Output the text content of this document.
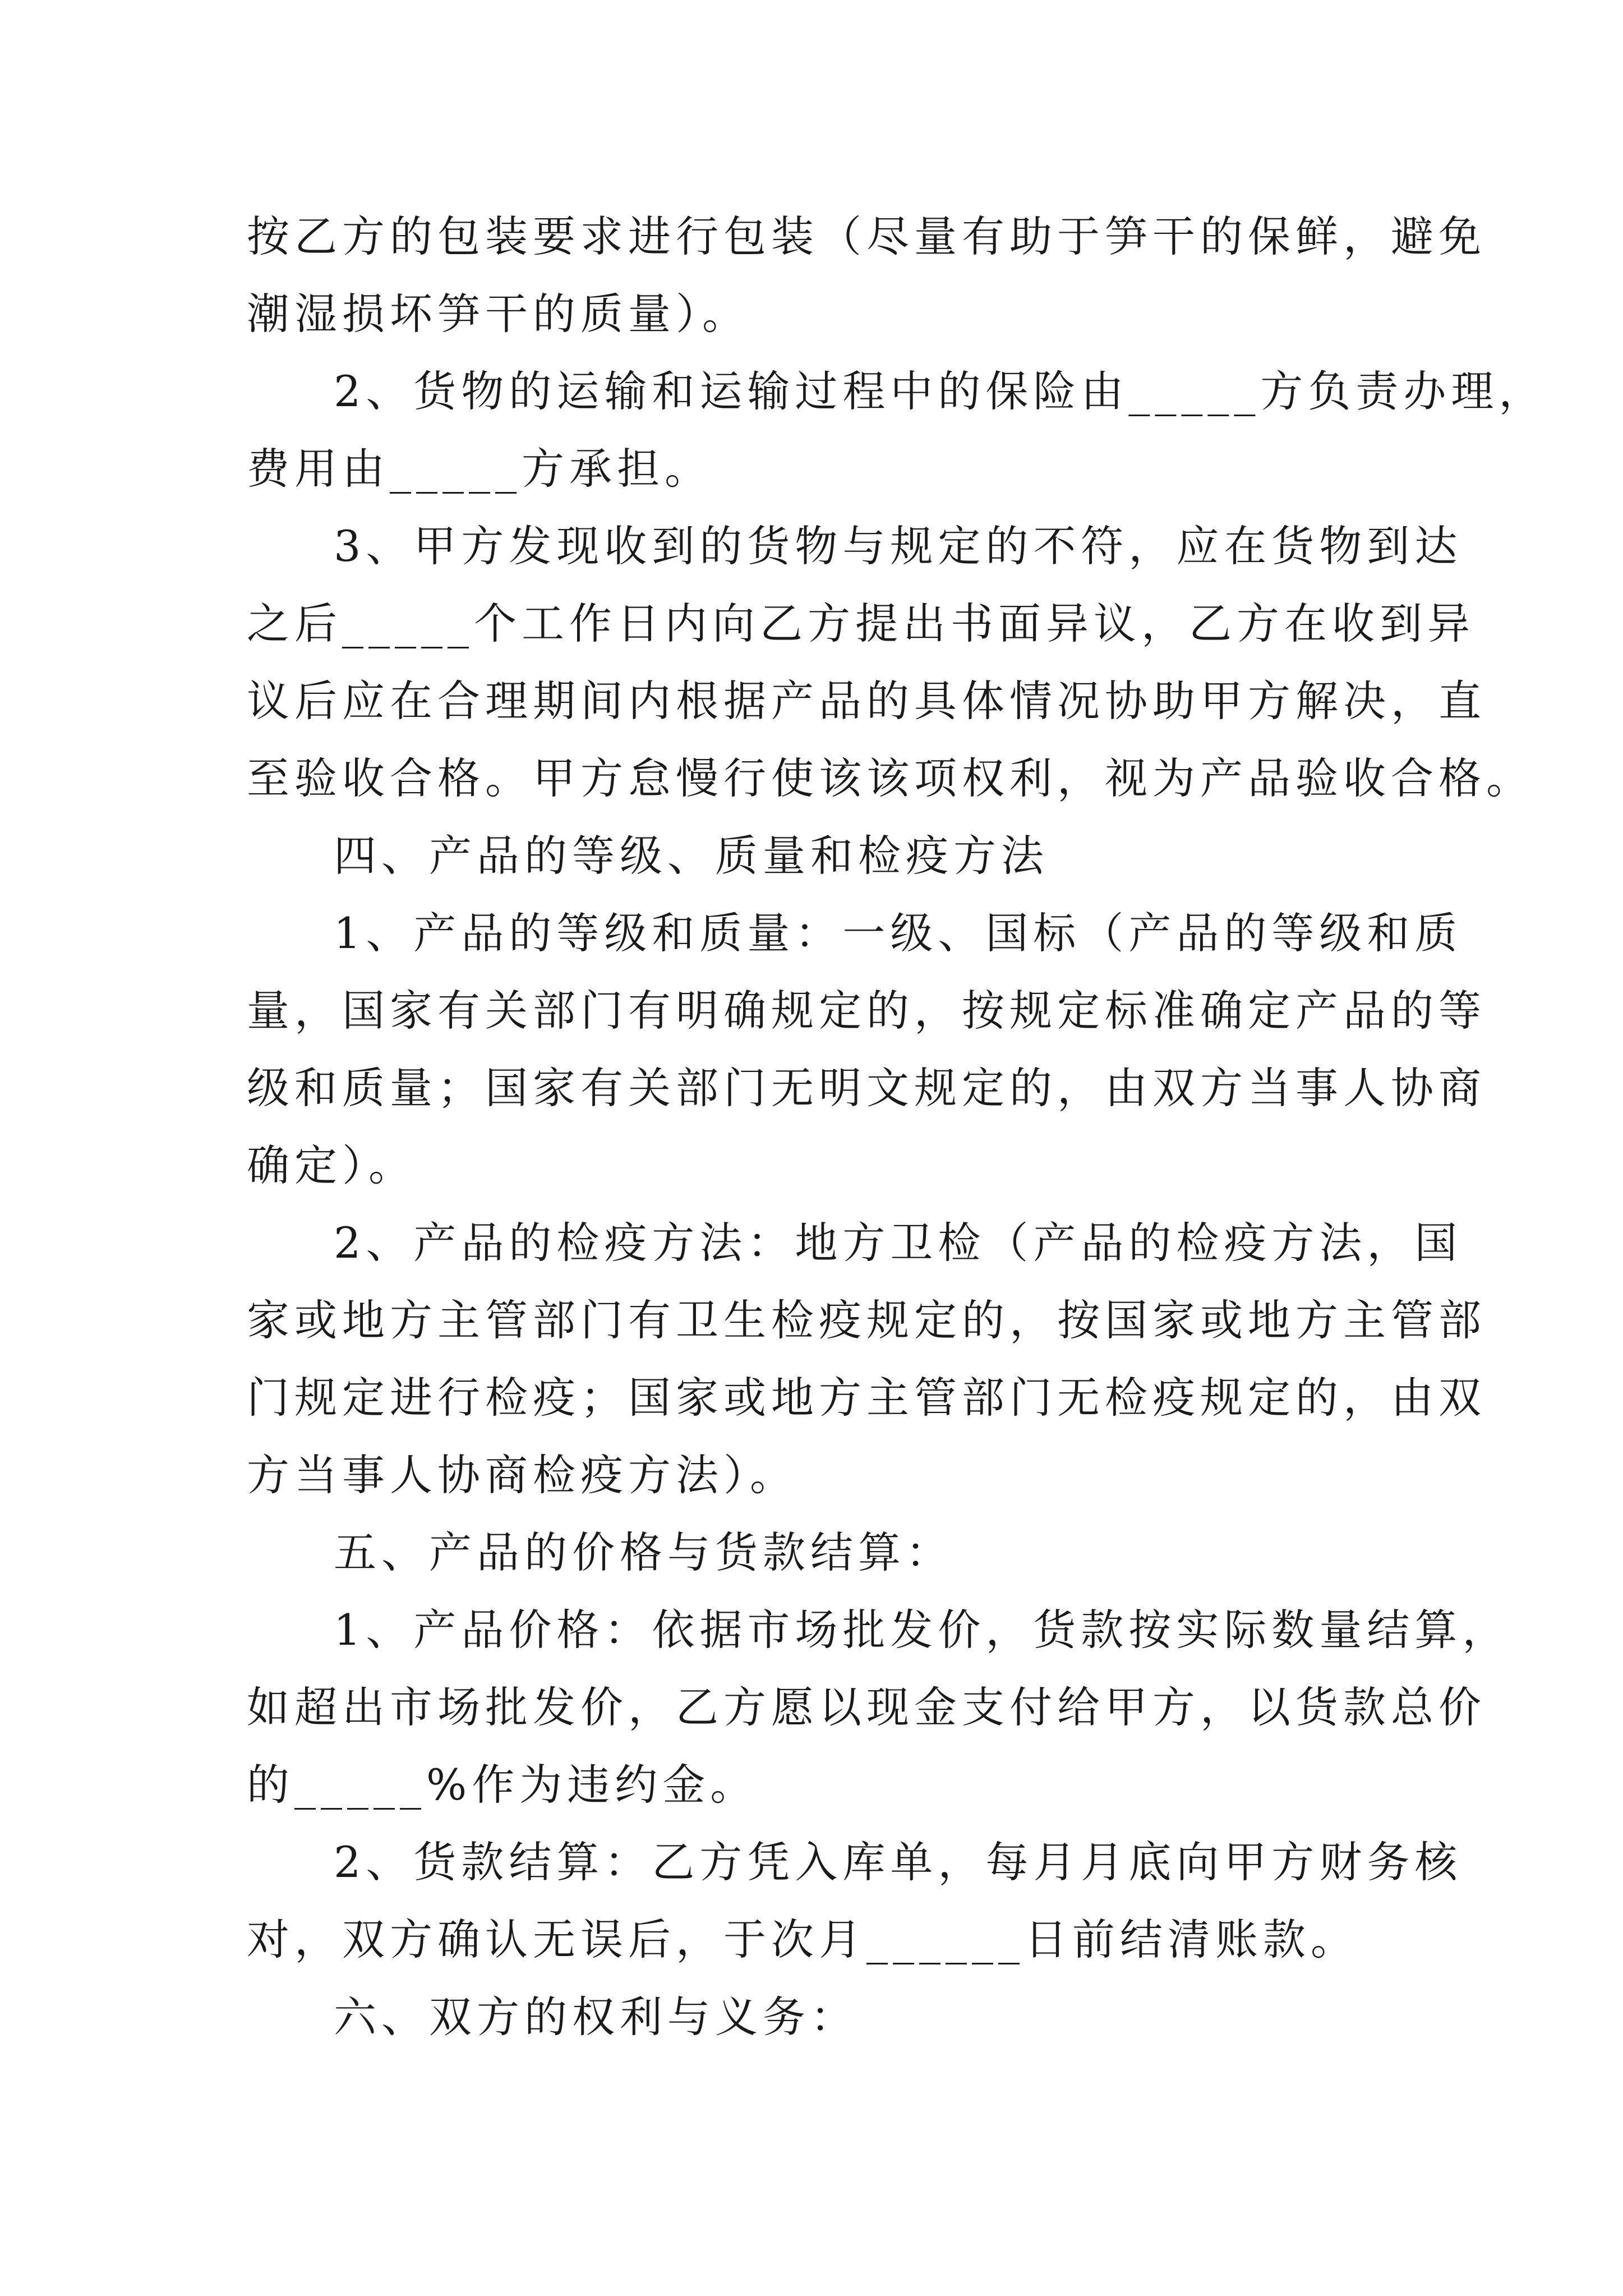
按乙方的包装要求进行包装（尽量有助于笋干的保鲜，避免
潮湿损坏笋干的质量）。
2、货物的运输和运输过程中的保险由_____方负责办理，
费用由_____方承担。
3、甲方发现收到的货物与规定的不符，应在货物到达
之后_____个工作日内向乙方提出书面异议，乙方在收到异
议后应在合理期间内根据产品的具体情况协助甲方解决，直
至验收合格。甲方怠慢行使该该项权利，视为产品验收合格。
四、产品的等级、质量和检疫方法
1、产品的等级和质量：一级、国标（产品的等级和质
量，国家有关部门有明确规定的，按规定标准确定产品的等
级和质量；国家有关部门无明文规定的，由双方当事人协商
确定）。
2、产品的检疫方法：地方卫检（产品的检疫方法，国
家或地方主管部门有卫生检疫规定的，按国家或地方主管部
门规定进行检疫；国家或地方主管部门无检疫规定的，由双
方当事人协商检疫方法）。
五、产品的价格与货款结算：
1、产品价格：依据市场批发价，货款按实际数量结算，
如超出市场批发价，乙方愿以现金支付给甲方，以货款总价
的_____%作为违约金。
2、货款结算：乙方凭入库单，每月月底向甲方财务核
对，双方确认无误后，于次月______日前结清账款。
六、双方的权利与义务：
